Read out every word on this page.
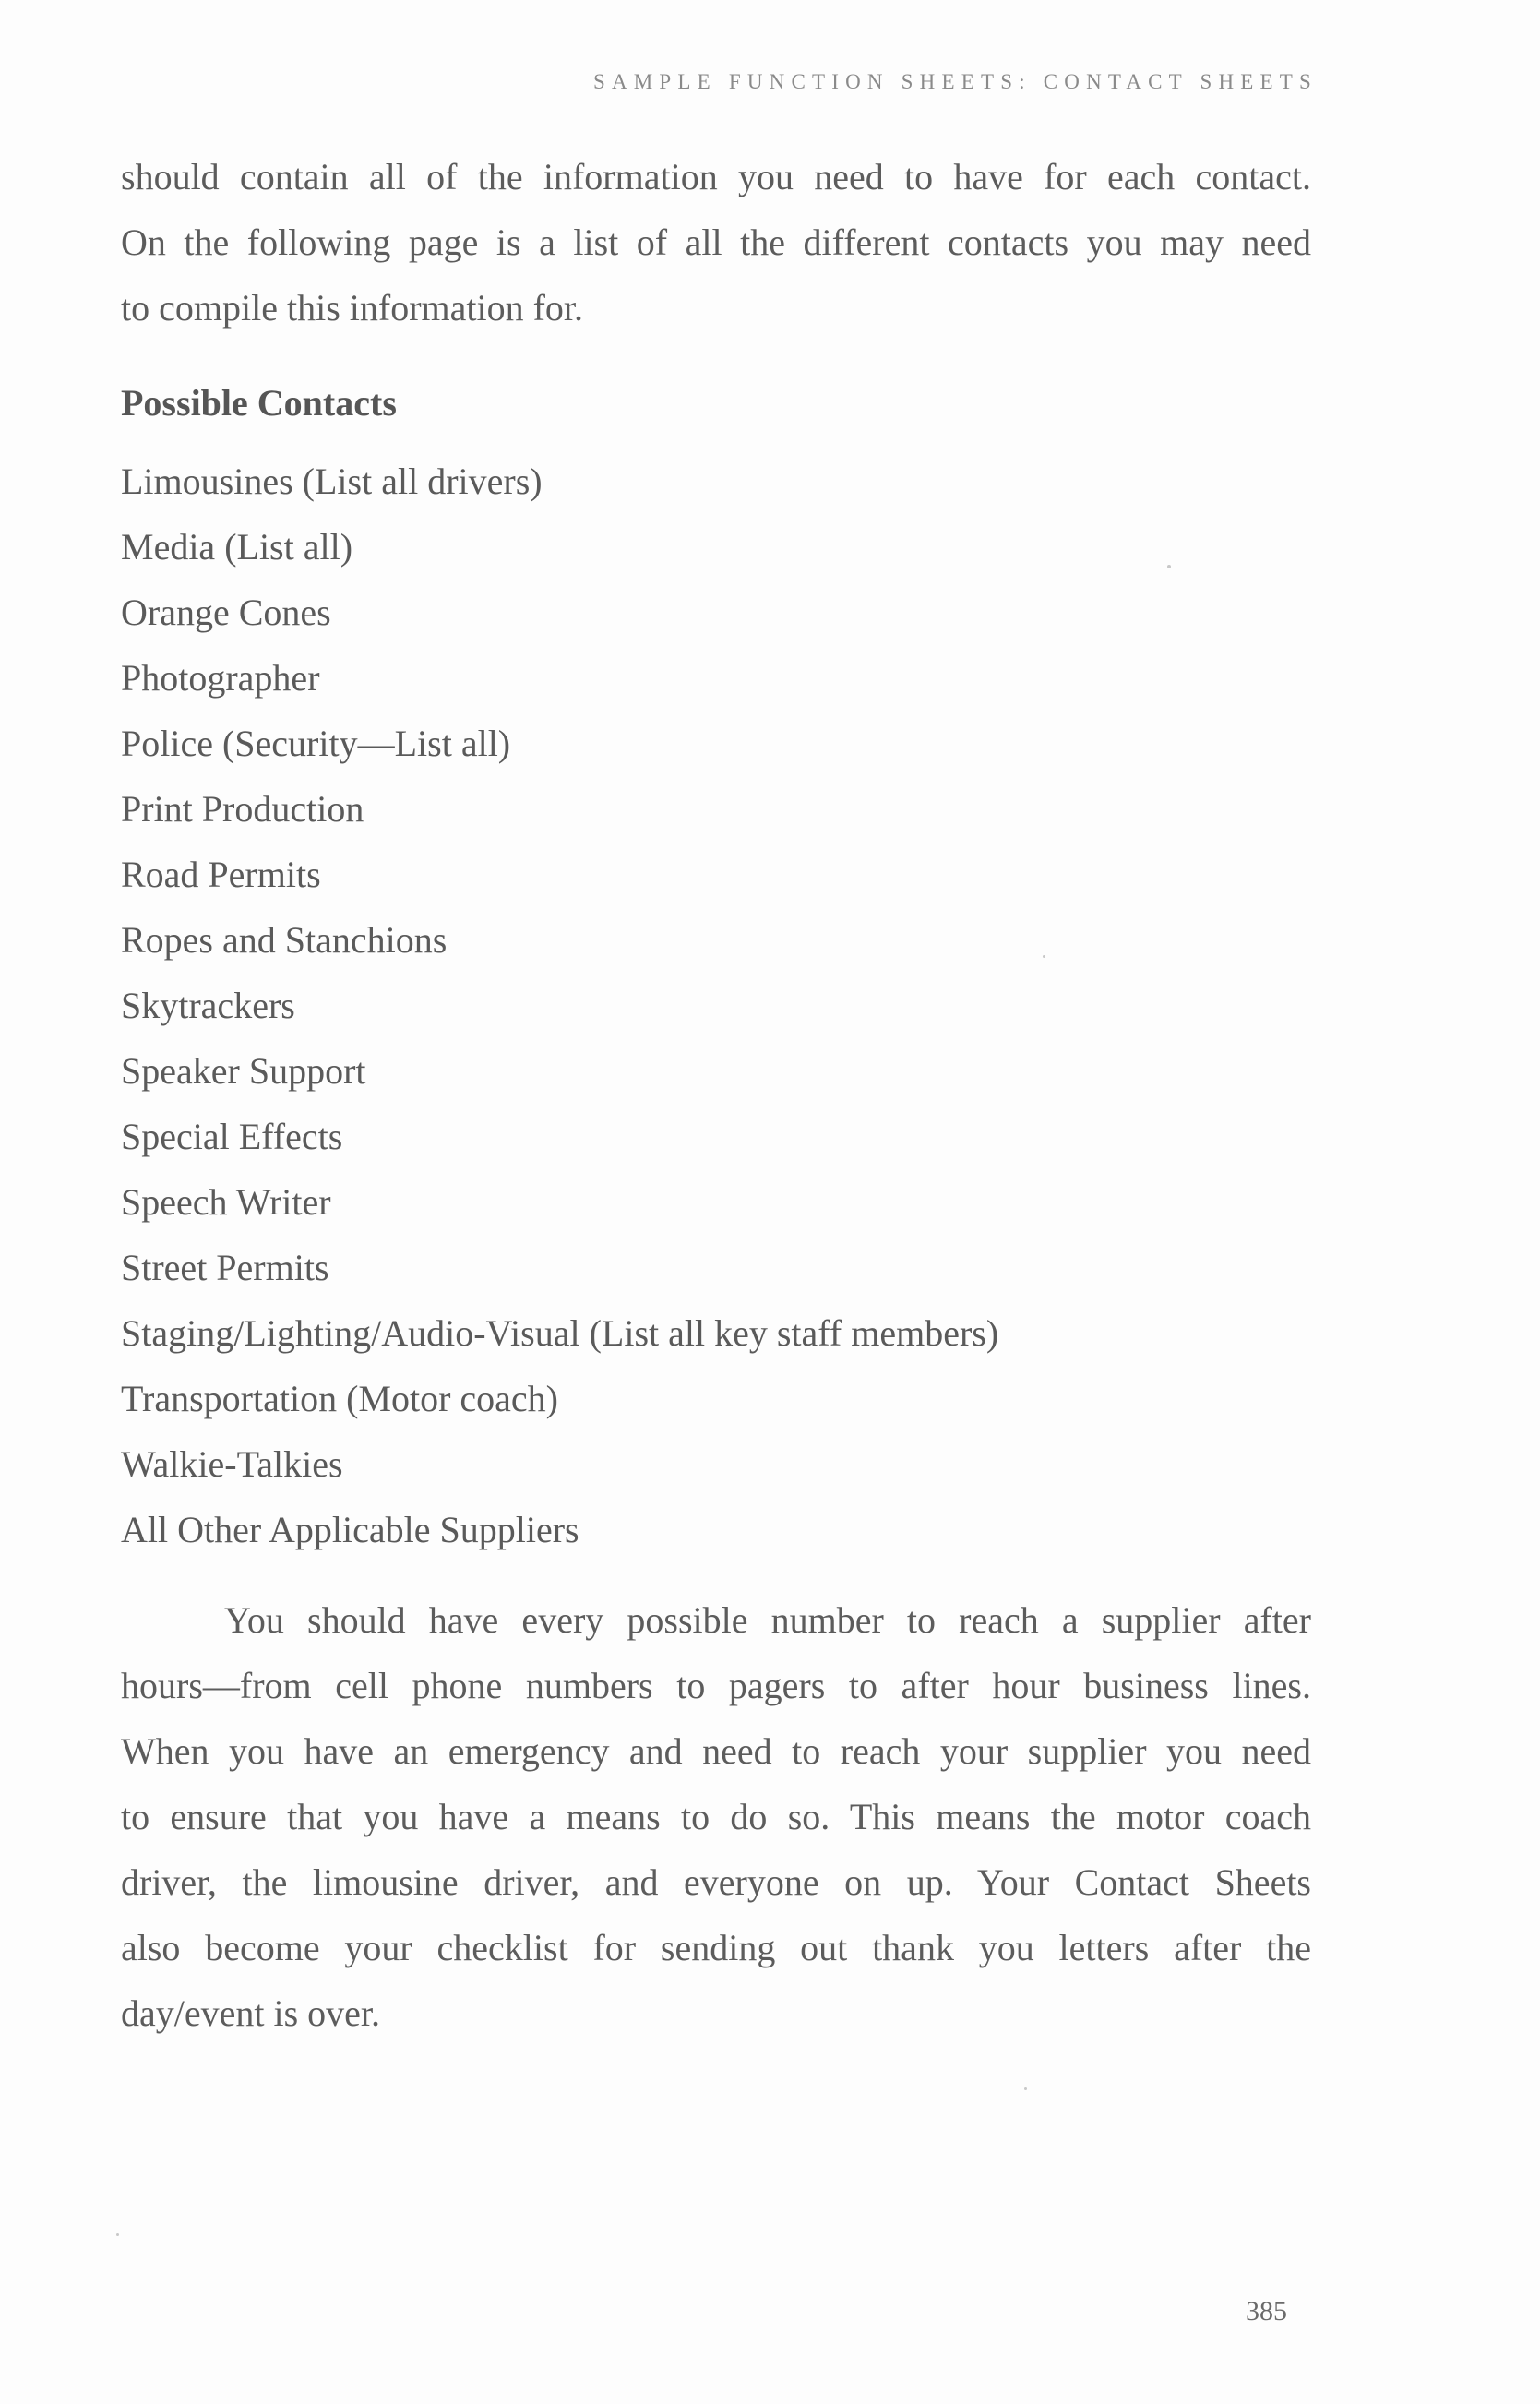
SAMPLE FUNCTION SHEETS: CONTACT SHEETS

should contain all of the information you need to have for each contact.
On the following page is a list of all the different contacts you may need
to compile this information for.

Possible Contacts
Limousines (List all drivers)
Media (List all)
Orange Cones
Photographer
Police (Security—List all)
Print Production
Road Permits
Ropes and Stanchions
Skytrackers
Speaker Support
Special Effects
Speech Writer
Street Permits
Staging/Lighting/Audio-Visual (List all key staff members)
Transportation (Motor coach)
Walkie-Talkies
All Other Applicable Suppliers

You should have every possible number to reach a supplier after
hours—from cell phone numbers to pagers to after hour business lines.
When you have an emergency and need to reach your supplier you need
to ensure that you have a means to do so. This means the motor coach
driver, the limousine driver, and everyone on up. Your Contact Sheets
also become your checklist for sending out thank you letters after the
day/event is over.

385
